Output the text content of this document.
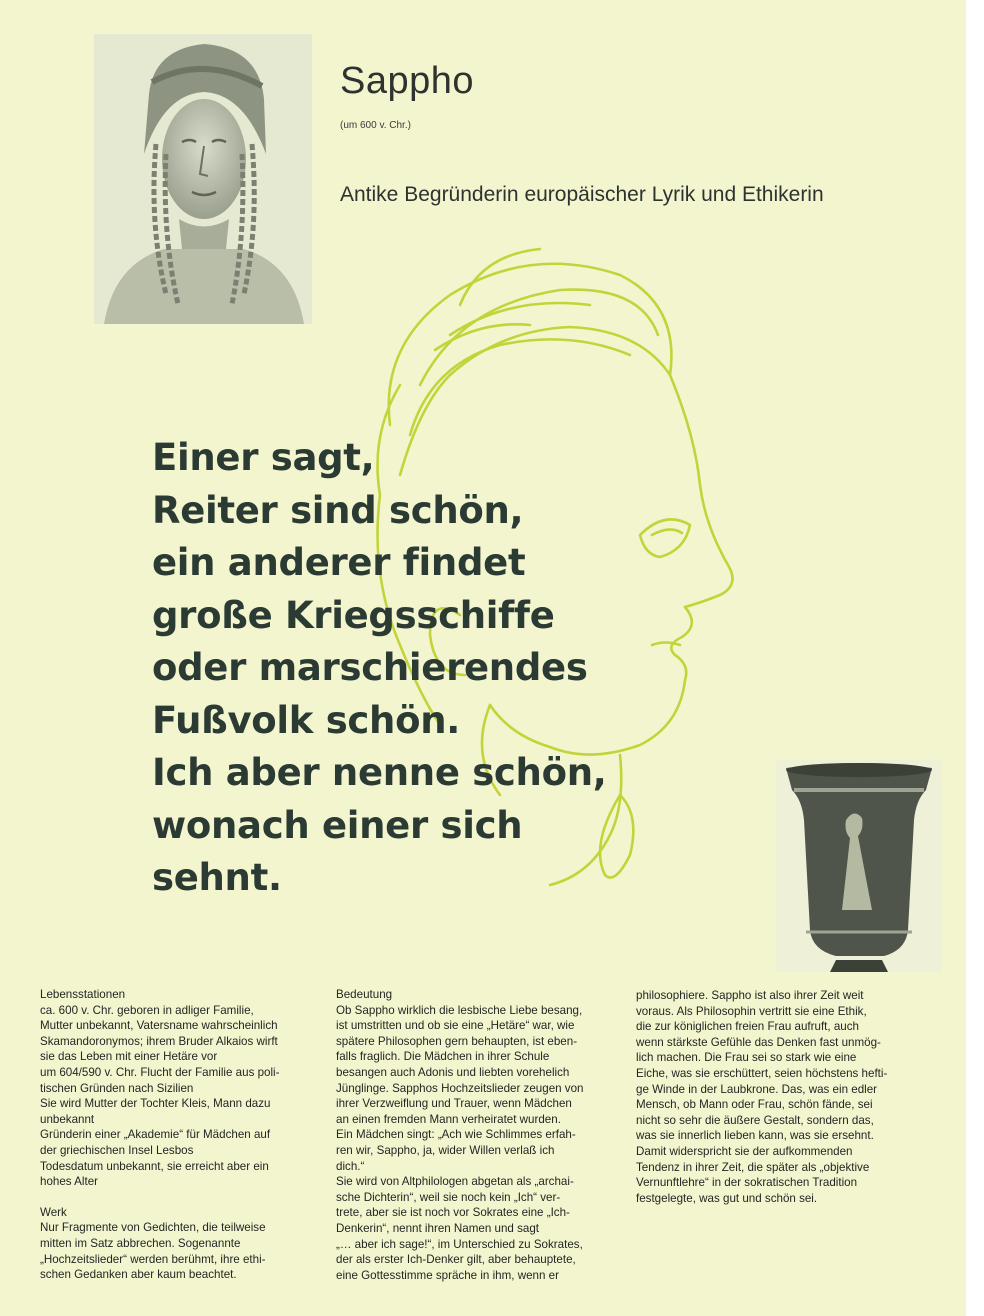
Sappho
(um 600 v. Chr.)
Antike Begründerin europäischer Lyrik und Ethikerin
Einer sagt,
Reiter sind schön,
ein anderer findet
große Kriegsschiffe
oder marschierendes
Fußvolk schön.
Ich aber nenne schön,
wonach einer sich
sehnt.
Lebensstationen
ca. 600 v. Chr. geboren in adliger Familie,
Mutter unbekannt, Vatersname wahrscheinlich
Skamandoronymos; ihrem Bruder Alkaios wirft
sie das Leben mit einer Hetäre vor
um 604/590 v. Chr. Flucht der Familie aus poli-
tischen Gründen nach Sizilien
Sie wird Mutter der Tochter Kleis, Mann dazu
unbekannt
Gründerin einer „Akademie“ für Mädchen auf
der griechischen Insel Lesbos
Todesdatum unbekannt, sie erreicht aber ein
hohes Alter
Werk
Nur Fragmente von Gedichten, die teilweise
mitten im Satz abbrechen. Sogenannte
„Hochzeitslieder“ werden berühmt, ihre ethi-
schen Gedanken aber kaum beachtet.
Bedeutung
Ob Sappho wirklich die lesbische Liebe besang,
ist umstritten und ob sie eine „Hetäre“ war, wie
spätere Philosophen gern behaupten, ist eben-
falls fraglich. Die Mädchen in ihrer Schule
besangen auch Adonis und liebten vorehelich
Jünglinge. Sapphos Hochzeitslieder zeugen von
ihrer Verzweiflung und Trauer, wenn Mädchen
an einen fremden Mann verheiratet wurden.
Ein Mädchen singt: „Ach wie Schlimmes erfah-
ren wir, Sappho, ja, wider Willen verlaß ich
dich.“
Sie wird von Altphilologen abgetan als „archai-
sche Dichterin“, weil sie noch kein „Ich“ ver-
trete, aber sie ist noch vor Sokrates eine „Ich-
Denkerin“, nennt ihren Namen und sagt
„… aber ich sage!“, im Unterschied zu Sokrates,
der als erster Ich-Denker gilt, aber behauptete,
eine Gottesstimme spräche in ihm, wenn er
philosophiere. Sappho ist also ihrer Zeit weit
voraus. Als Philosophin vertritt sie eine Ethik,
die zur königlichen freien Frau aufruft, auch
wenn stärkste Gefühle das Denken fast unmög-
lich machen. Die Frau sei so stark wie eine
Eiche, was sie erschüttert, seien höchstens hefti-
ge Winde in der Laubkrone. Das, was ein edler
Mensch, ob Mann oder Frau, schön fände, sei
nicht so sehr die äußere Gestalt, sondern das,
was sie innerlich lieben kann, was sie ersehnt.
Damit widerspricht sie der aufkommenden
Tendenz in ihrer Zeit, die später als „objektive
Vernunftlehre“ in der sokratischen Tradition
festgelegte, was gut und schön sei.
